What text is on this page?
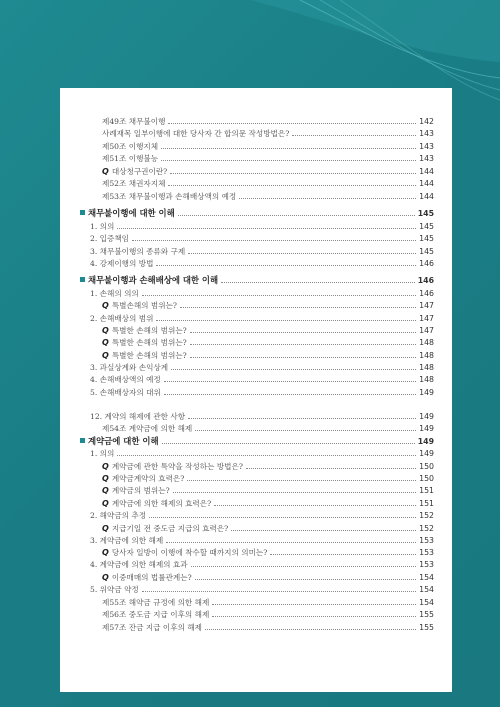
제49조 채무불이행	142
사례재목 일부이행에 대한 당사자 간 합의문 작성방법은?	143
제50조 이행지체	143
제51조 이행불능	143
Q 대상청구권이란?	144
제52조 채권자지체	144
제53조 채무불이행과 손해배상액의 예정	144
채무불이행에 대한 이해	145
1. 의의	145
2. 입증책임	145
3. 채무불이행의 종류와 구제	145
4. 강제이행의 방법	146
채무불이행과 손해배상에 대한 이해	146
1. 손해의 의의	146
Q 특별손해의 범위는?	147
2. 손해배상의 범위	147
Q 특별한 손해의 범위는?	147
Q 특별한 손해의 범위는?	148
Q 특별한 손해의 범위는?	148
3. 과실상계와 손익상계	148
4. 손해배상액의 예정	148
5. 손해배상자의 대위	149
12. 계약의 해제에 관한 사항	149
제54조 계약금에 의한 해제	149
계약금에 대한 이해	149
1. 의의	149
Q 계약금에 관한 특약을 작성하는 방법은?	150
Q 계약금계약의 효력은?	150
Q 계약금의 범위는?	151
Q 계약금에 의한 해제의 효력은?	151
2. 해약금의 추정	152
Q 지급기일 전 중도금 지급의 효력은?	152
3. 계약금에 의한 해제	153
Q 당사자 일방이 이행에 착수할 때까지의 의미는?	153
4. 계약금에 의한 해제의 효과	153
Q 이중매매의 법률관계는?	154
5. 위약금 약정	154
제55조 해약금 규정에 의한 해제	154
제56조 중도금 지급 이후의 해제	155
제57조 잔금 지급 이후의 해제	155
